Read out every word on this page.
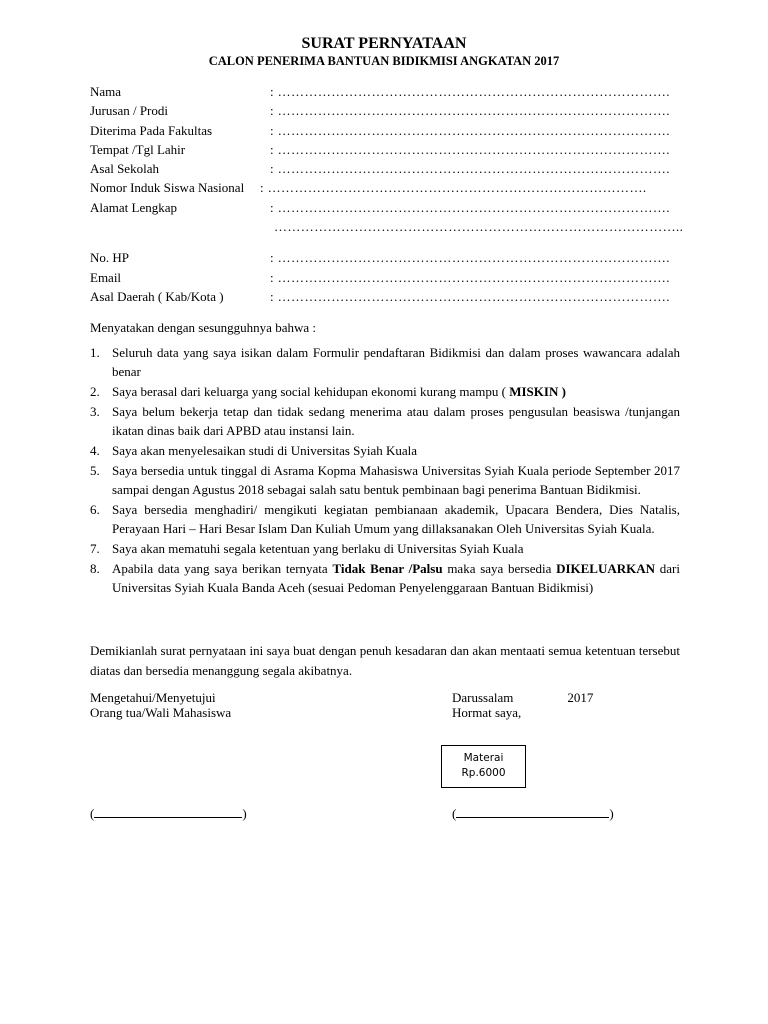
SURAT PERNYATAAN
CALON PENERIMA BANTUAN BIDIKMISI ANGKATAN 2017
Nama	: …………………………………………………………………………….
Jurusan / Prodi	: …………………………………………………………………………….
Diterima Pada Fakultas	: …………………………………………………………………………….
Tempat /Tgl Lahir	: …………………………………………………………………………….
Asal Sekolah	: …………………………………………………………………………….
Nomor Induk Siswa Nasional : ………………………………………………………………………….
Alamat Lengkap	: …………………………………………………………………………….
………………………………………………………………………………..
No. HP	: …………………………………………………………………………….
Email	: …………………………………………………………………………….
Asal Daerah ( Kab/Kota )	: …………………………………………………………………………….
Menyatakan dengan sesungguhnya bahwa :
1. Seluruh data yang saya isikan dalam Formulir pendaftaran Bidikmisi dan dalam proses wawancara adalah benar
2. Saya berasal dari keluarga yang social kehidupan ekonomi kurang mampu ( MISKIN )
3. Saya belum bekerja tetap dan tidak sedang menerima atau dalam proses pengusulan beasiswa /tunjangan ikatan dinas baik dari APBD atau instansi lain.
4. Saya akan menyelesaikan studi di Universitas Syiah Kuala
5. Saya bersedia untuk tinggal di Asrama Kopma Mahasiswa Universitas Syiah Kuala periode September 2017 sampai dengan Agustus 2018 sebagai salah satu bentuk pembinaan bagi penerima Bantuan Bidikmisi.
6. Saya bersedia menghadiri/ mengikuti kegiatan pembianaan akademik, Upacara Bendera, Dies Natalis, Perayaan Hari – Hari Besar Islam Dan Kuliah Umum yang dillaksanakan Oleh Universitas Syiah Kuala.
7. Saya akan mematuhi segala ketentuan yang berlaku di Universitas Syiah Kuala
8. Apabila data yang saya berikan ternyata Tidak Benar /Palsu maka saya bersedia DIKELUARKAN dari Universitas Syiah Kuala Banda Aceh (sesuai Pedoman Penyelenggaraan Bantuan Bidikmisi)
Demikianlah surat pernyataan ini saya buat dengan penuh kesadaran dan akan mentaati semua ketentuan tersebut diatas dan bersedia menanggung segala akibatnya.
Mengetahui/Menyetujui
Orang tua/Wali Mahasiswa
Darussalam	2017
Hormat saya,
Materai
Rp.6000
(	)	(	)
